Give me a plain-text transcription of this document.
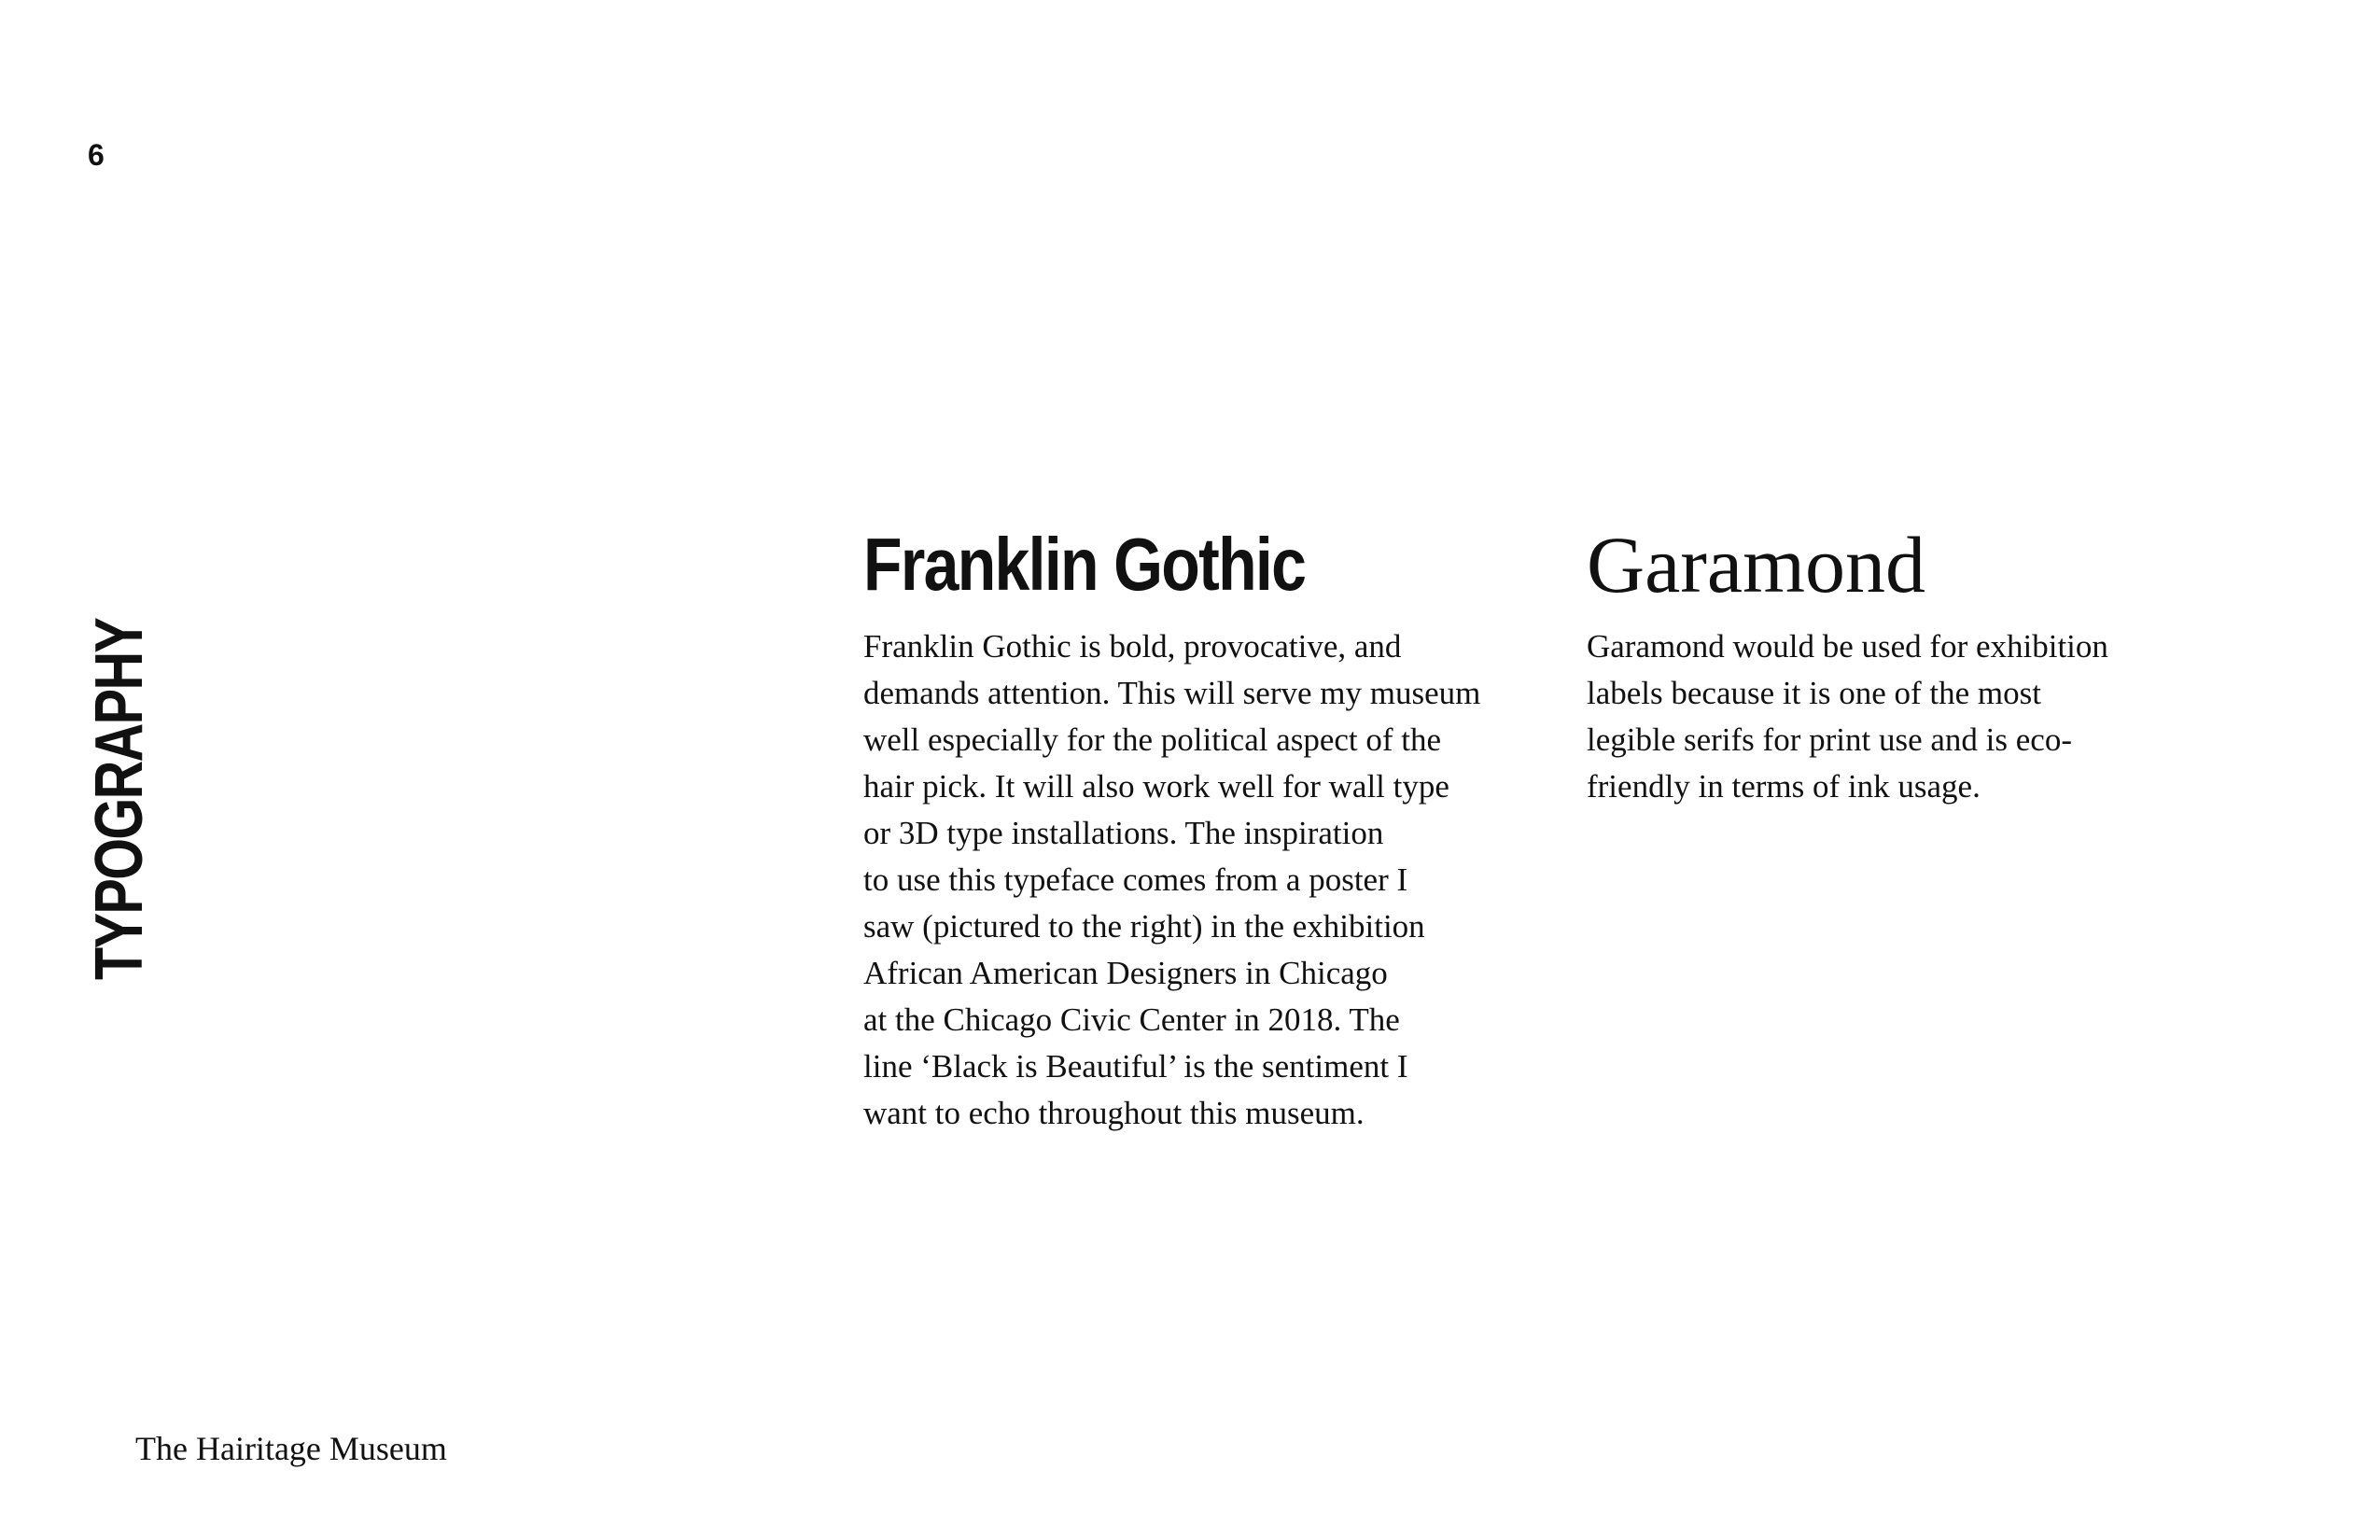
6
TYPOGRAPHY
Franklin Gothic

Franklin Gothic is bold, provocative, and
demands attention. This will serve my museum
well especially for the political aspect of the
hair pick. It will also work well for wall type
or 3D type installations. The inspiration
to use this typeface comes from a poster I
saw (pictured to the right) in the exhibition
African American Designers in Chicago
at the Chicago Civic Center in 2018. The
line ‘Black is Beautiful’ is the sentiment I
want to echo throughout this museum.

Garamond

Garamond would be used for exhibition
labels because it is one of the most
legible serifs for print use and is eco-
friendly in terms of ink usage.

The Hairitage Museum
